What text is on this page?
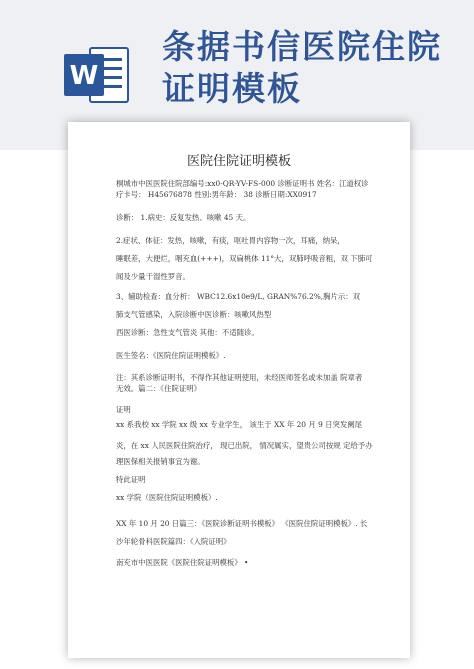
W
条据书信医院住院证明模板
医院住院证明模板
桐城市中医医院住院部编号:xx0-QR-YV-FS-000 诊断证明书 姓名：江道权诊
疗卡号： H45676878 性别:男年龄： 38 诊断日期:XX0917
诊断： 1.病史：反复发热、咳嗽 45 天。
2.症状、体征：发热，咳嗽，有痰，呕吐胃内容物一次，耳痛，纳呆，
睡眠差，大便烂，咽充血(+++)，双扁桃体 11°大，双肺呼吸音粗，双 下肺可
闻及少量干湿性罗音。
3、辅助检查：血分析： WBC12.6x10e9/L, GRAN%76.2%,胸片示：双
肺支气管感染，入院诊断中医诊断：咳嗽风热型
西医诊断：急性支气管炎 其他：不适随诊。
医生签名：《医院住院证明模板》.
注：其系诊断证明书，不得作其他证明使用，未经医师签名或未加盖 院章者
无效。篇二：《住院证明》
证明
xx 系我校 xx 学院 xx 级 xx 专业学生， 该生于 XX 年 20 月 9 日突发阑尾
炎，在 xx 人民医院住院治疗， 现已出院， 情况属实，望贵公司按规 定给予办
理医保相关报销事宜为谢。
特此证明
xx 学院（医院住院证明模板）.
XX 年 10 月 20 日篇三：《医院诊断证明书模板》 《医院住院证明模板》. 长
沙年轮骨科医院篇四：《入院证明》
南充市中医医院《医院住院证明模板》 •
